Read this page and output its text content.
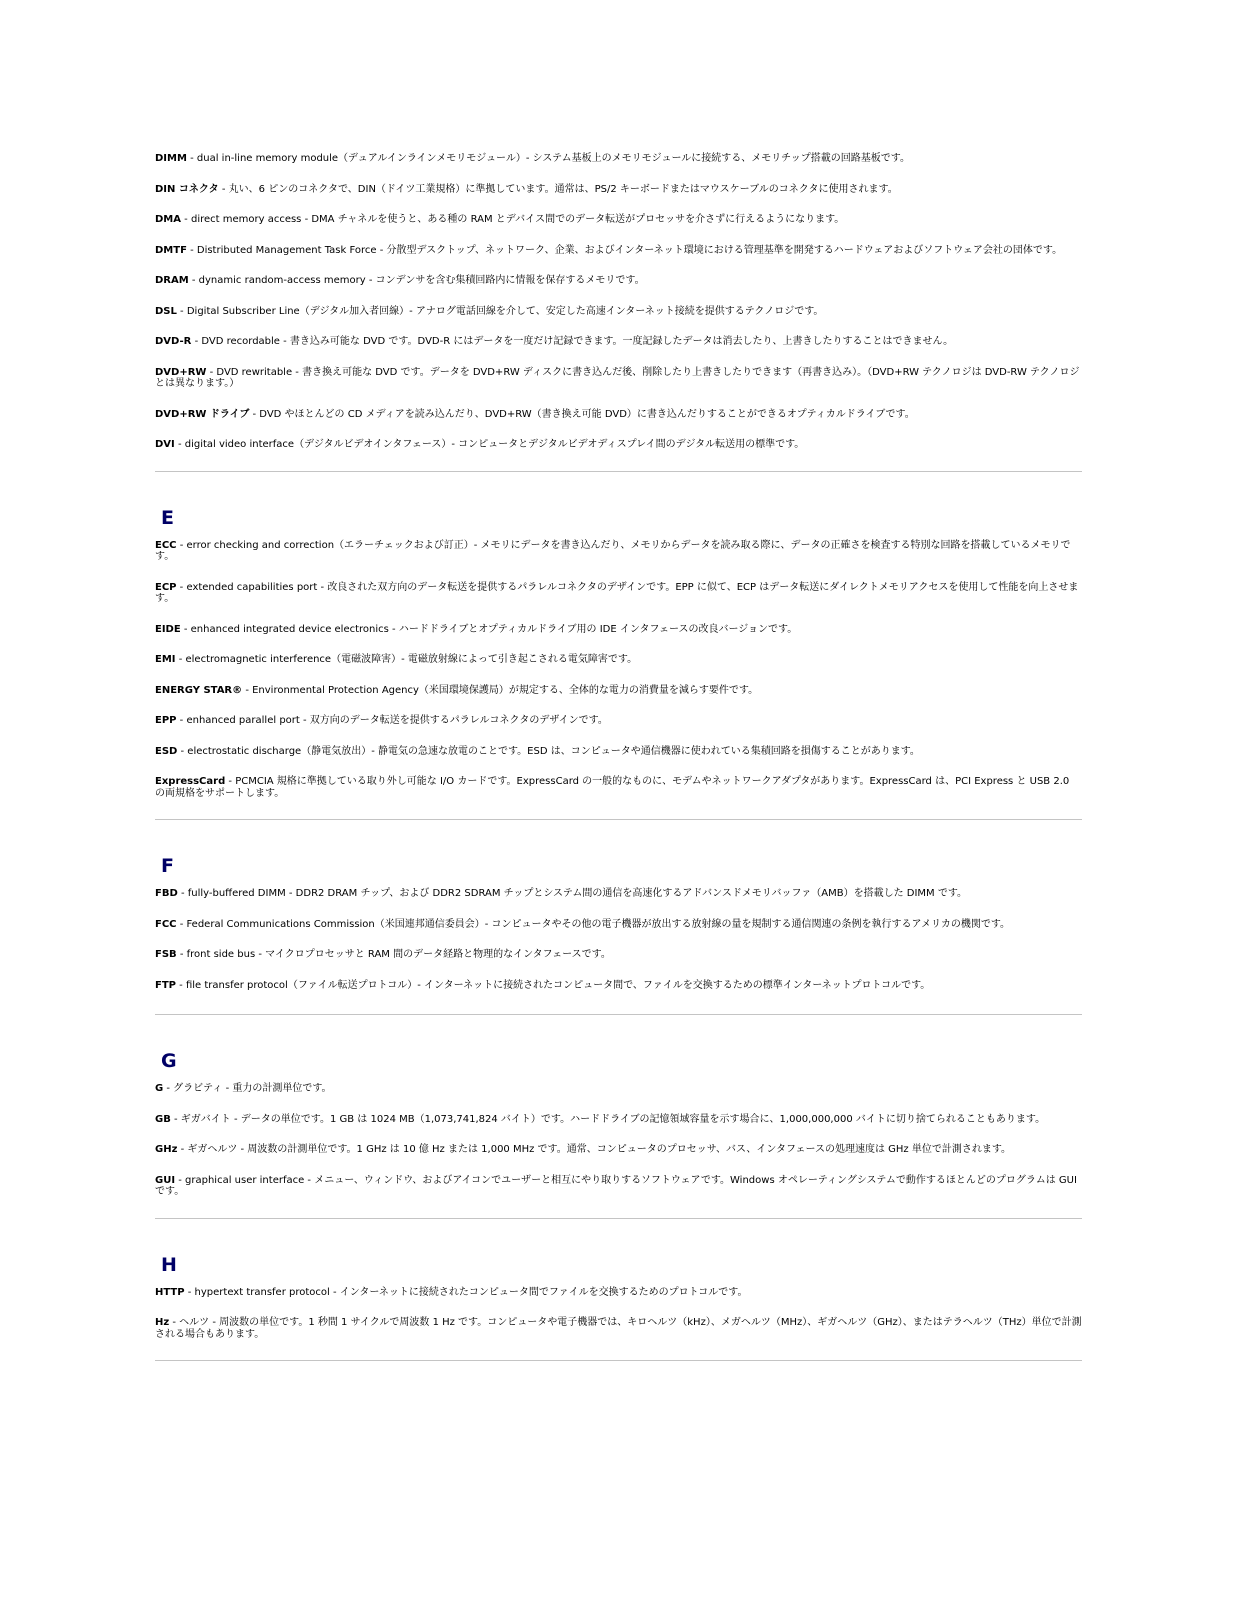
DIMM - dual in-line memory module（デュアルインラインメモリモジュール）- システム基板上のメモリモジュールに接続する、メモリチップ搭載の回路基板です。

DIN コネクタ - 丸い、6 ピンのコネクタで、DIN（ドイツ工業規格）に準拠しています。通常は、PS/2 キーボードまたはマウスケーブルのコネクタに使用されます。

DMA - direct memory access - DMA チャネルを使うと、ある種の RAM とデバイス間でのデータ転送がプロセッサを介さずに行えるようになります。

DMTF - Distributed Management Task Force - 分散型デスクトップ、ネットワーク、企業、およびインターネット環境における管理基準を開発するハードウェアおよびソフトウェア会社の団体です。

DRAM - dynamic random-access memory - コンデンサを含む集積回路内に情報を保存するメモリです。

DSL - Digital Subscriber Line（デジタル加入者回線）- アナログ電話回線を介して、安定した高速インターネット接続を提供するテクノロジです。

DVD-R - DVD recordable - 書き込み可能な DVD です。DVD-R にはデータを一度だけ記録できます。一度記録したデータは消去したり、上書きしたりすることはできません。

DVD+RW - DVD rewritable - 書き換え可能な DVD です。データを DVD+RW ディスクに書き込んだ後、削除したり上書きしたりできます（再書き込み）。（DVD+RW テクノロジは DVD-RW テクノロジとは異なります。）

DVD+RW ドライブ - DVD やほとんどの CD メディアを読み込んだり、DVD+RW（書き換え可能 DVD）に書き込んだりすることができるオプティカルドライブです。

DVI - digital video interface（デジタルビデオインタフェース）- コンピュータとデジタルビデオディスプレイ間のデジタル転送用の標準です。

E

ECC - error checking and correction（エラーチェックおよび訂正）- メモリにデータを書き込んだり、メモリからデータを読み取る際に、データの正確さを検査する特別な回路を搭載しているメモリです。

ECP - extended capabilities port - 改良された双方向のデータ転送を提供するパラレルコネクタのデザインです。EPP に似て、ECP はデータ転送にダイレクトメモリアクセスを使用して性能を向上させます。

EIDE - enhanced integrated device electronics - ハードドライブとオプティカルドライブ用の IDE インタフェースの改良バージョンです。

EMI - electromagnetic interference（電磁波障害）- 電磁放射線によって引き起こされる電気障害です。

ENERGY STAR® - Environmental Protection Agency（米国環境保護局）が規定する、全体的な電力の消費量を減らす要件です。

EPP - enhanced parallel port - 双方向のデータ転送を提供するパラレルコネクタのデザインです。

ESD - electrostatic discharge（静電気放出）- 静電気の急速な放電のことです。ESD は、コンピュータや通信機器に使われている集積回路を損傷することがあります。

ExpressCard - PCMCIA 規格に準拠している取り外し可能な I/O カードです。ExpressCard の一般的なものに、モデムやネットワークアダプタがあります。ExpressCard は、PCI Express と USB 2.0 の両規格をサポートします。

F

FBD - fully-buffered DIMM - DDR2 DRAM チップ、および DDR2 SDRAM チップとシステム間の通信を高速化するアドバンスドメモリバッファ（AMB）を搭載した DIMM です。

FCC - Federal Communications Commission（米国連邦通信委員会）- コンピュータやその他の電子機器が放出する放射線の量を規制する通信関連の条例を執行するアメリカの機関です。

FSB - front side bus - マイクロプロセッサと RAM 間のデータ経路と物理的なインタフェースです。

FTP - file transfer protocol（ファイル転送プロトコル）- インターネットに接続されたコンピュータ間で、ファイルを交換するための標準インターネットプロトコルです。

G

G - グラビティ - 重力の計測単位です。

GB - ギガバイト - データの単位です。1 GB は 1024 MB（1,073,741,824 バイト）です。ハードドライブの記憶領域容量を示す場合に、1,000,000,000 バイトに切り捨てられることもあります。

GHz - ギガヘルツ - 周波数の計測単位です。1 GHz は 10 億 Hz または 1,000 MHz です。通常、コンピュータのプロセッサ、バス、インタフェースの処理速度は GHz 単位で計測されます。

GUI - graphical user interface - メニュー、ウィンドウ、およびアイコンでユーザーと相互にやり取りするソフトウェアです。Windows オペレーティングシステムで動作するほとんどのプログラムは GUI です。

H

HTTP - hypertext transfer protocol - インターネットに接続されたコンピュータ間でファイルを交換するためのプロトコルです。

Hz - ヘルツ - 周波数の単位です。1 秒間 1 サイクルで周波数 1 Hz です。コンピュータや電子機器では、キロヘルツ（kHz）、メガヘルツ（MHz）、ギガヘルツ（GHz）、またはテラヘルツ（THz）単位で計測される場合もあります。
